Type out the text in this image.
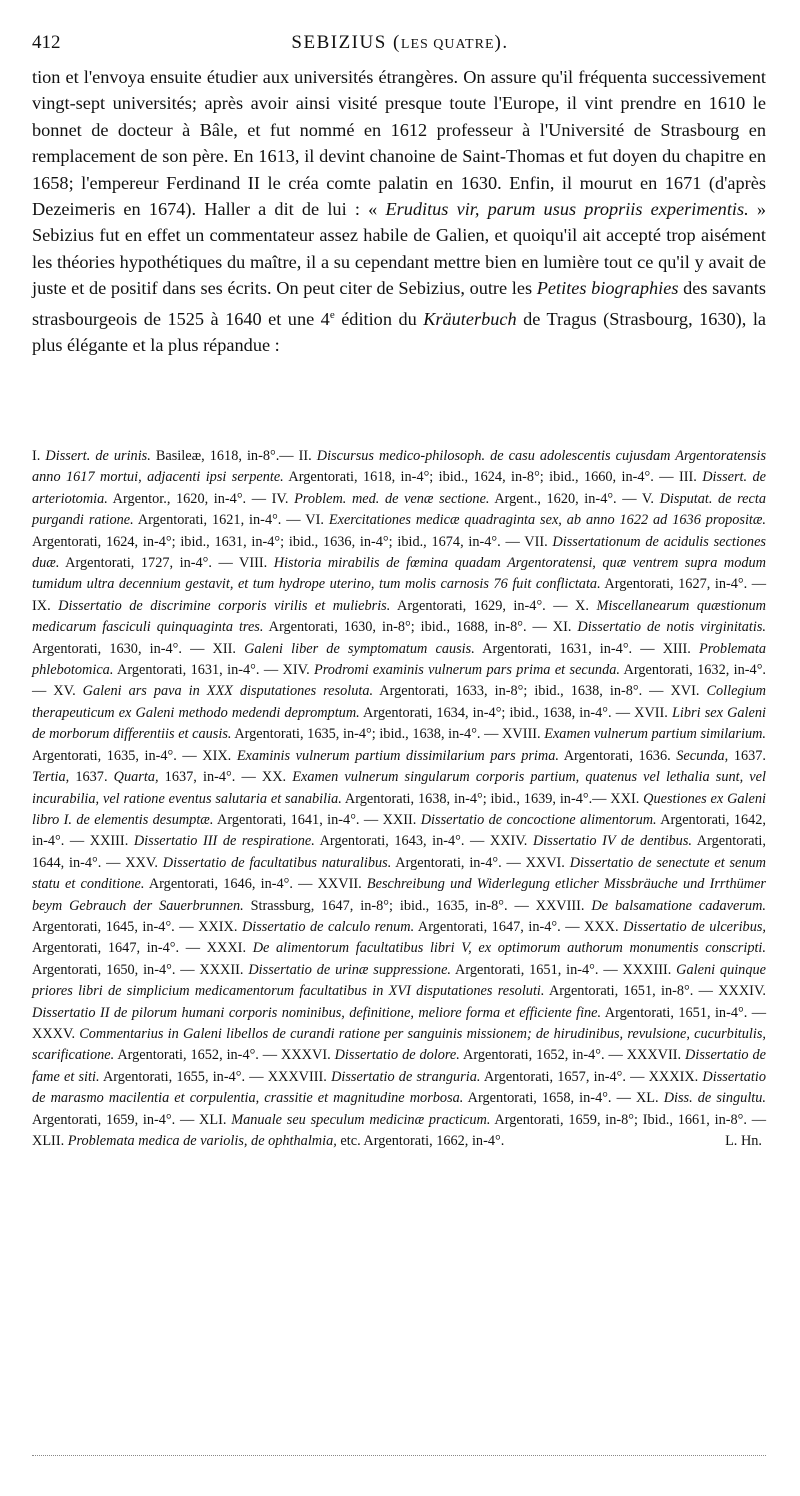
412	SEBIZIUS (LES QUATRE).

tion et l'envoya ensuite étudier aux universités étrangères. On assure qu'il fréquenta successivement vingt-sept universités; après avoir ainsi visité presque toute l'Europe, il vint prendre en 1610 le bonnet de docteur à Bâle, et fut nommé en 1612 professeur à l'Université de Strasbourg en remplacement de son père. En 1613, il devint chanoine de Saint-Thomas et fut doyen du chapitre en 1658; l'empereur Ferdinand II le créa comte palatin en 1630. Enfin, il mourut en 1671 (d'après Dezeimeris en 1674). Haller a dit de lui : « Eruditus vir, parum usus propriis experimentis. » Sebizius fut en effet un commentateur assez habile de Galien, et quoiqu'il ait accepté trop aisément les théories hypothétiques du maître, il a su cependant mettre bien en lumière tout ce qu'il y avait de juste et de positif dans ses écrits. On peut citer de Sebizius, outre les Petites biographies des savants strasbourgeois de 1525 à 1640 et une 4e édition du Kräuterbuch de Tragus (Strasbourg, 1630), la plus élégante et la plus répandue :

I. Dissert. de urinis. Basileæ, 1618, in-8°.— II. Discursus medico-philosoph. de casu adolescentis cujusdam Argentoratensis anno 1617 mortui, adjacenti ipsi serpente. Argentorati, 1618, in-4°; ibid., 1624, in-8°; ibid., 1660, in-4°. — III. Dissert. de arteriotomia. Argentor., 1620, in-4°. — IV. Problem. med. de venæ sectione. Argent., 1620, in-4°. — V. Disputat. de recta purgandi ratione. Argentorati, 1621, in-4°. — VI. Exercitationes medicæ quadraginta sex, ab anno 1622 ad 1636 propositæ. Argentorati, 1624, in-4°; ibid., 1631, in-4°; ibid., 1636, in-4°; ibid., 1674, in-4°. — VII. Dissertationum de acidulis sectiones duæ. Argentorati, 1727, in-4°. — VIII. Historia mirabilis de fœmina quadam Argentoratensi, quæ ventrem supra modum tumidum ultra decennium gestavit, et tum hydrope uterino, tum molis carnosis 76 fuit conflictata. Argentorati, 1627, in-4°. — IX. Dissertatio de discrimine corporis virilis et muliebris. Argentorati, 1629, in-4°. — X. Miscellanearum quæstionum medicarum fasciculi quinquaginta tres. Argentorati, 1630, in-8°; ibid., 1688, in-8°. — XI. Dissertatio de notis virginitatis. Argentorati, 1630, in-4°. — XII. Galeni liber de symptomatum causis. Argentorati, 1631, in-4°. — XIII. Problemata phlebotomica. Argentorati, 1631, in-4°. — XIV. Prodromi examinis vulnerum pars prima et secunda. Argentorati, 1632, in-4°. — XV. Galeni ars pava in XXX disputationes resoluta. Argentorati, 1633, in-8°; ibid., 1638, in-8°. — XVI. Collegium therapeuticum ex Galeni methodo medendi depromptum. Argentorati, 1634, in-4°; ibid., 1638, in-4°. — XVII. Libri sex Galeni de morborum differentiis et causis. Argentorati, 1635, in-4°; ibid., 1638, in-4°. — XVIII. Examen vulnerum partium similarium. Argentorati, 1635, in-4°. — XIX. Examinis vulnerum partium dissimilarium pars prima. Argentorati, 1636. Secunda, 1637. Tertia, 1637. Quarta, 1637, in-4°. — XX. Examen vulnerum singularum corporis partium, quatenus vel lethalia sunt, vel incurabilia, vel ratione eventus salutaria et sanabilia. Argentorati, 1638, in-4°; ibid., 1639, in-4°.— XXI. Questiones ex Galeni libro I. de elementis desumptæ. Argentorati, 1641, in-4°. — XXII. Dissertatio de concoctione alimentorum. Argentorati, 1642, in-4°. — XXIII. Dissertatio III de respiratione. Argentorati, 1643, in-4°. — XXIV. Dissertatio IV de dentibus. Argentorati, 1644, in-4°. — XXV. Dissertatio de facultatibus naturalibus. Argentorati, in-4°. — XXVI. Dissertatio de senectute et senum statu et conditione. Argentorati, 1646, in-4°. — XXVII. Beschreibung und Widerlegung etlicher Missbräuche und Irrthümer beym Gebrauch der Sauerbrunnen. Strassburg, 1647, in-8°; ibid., 1635, in-8°. — XXVIII. De balsamatione cadaverum. Argentorati, 1645, in-4°. — XXIX. Dissertatio de calculo renum. Argentorati, 1647, in-4°. — XXX. Dissertatio de ulceribus, Argentorati, 1647, in-4°. — XXXI. De alimentorum facultatibus libri V, ex optimorum authorum monumentis conscripti. Argentorati, 1650, in-4°. — XXXII. Dissertatio de urinæ suppressione. Argentorati, 1651, in-4°. — XXXIII. Galeni quinque priores libri de simplicium medicamentorum facultatibus in XVI disputationes resoluti. Argentorati, 1651, in-8°. — XXXIV. Dissertatio II de pilorum humani corporis nominibus, definitione, meliore forma et efficiente fine. Argentorati, 1651, in-4°. — XXXV. Commentarius in Galeni libellos de curandi ratione per sanguinis missionem; de hirudinibus, revulsione, cucurbitulis, scarificatione. Argentorati, 1652, in-4°. — XXXVI. Dissertatio de dolore. Argentorati, 1652, in-4°. — XXXVII. Dissertatio de fame et siti. Argentorati, 1655, in-4°. — XXXVIII. Dissertatio de stranguria. Argentorati, 1657, in-4°. — XXXIX. Dissertatio de marasmo macilentia et corpulentia, crassitie et magnitudine morbosa. Argentorati, 1658, in-4°. — XL. Diss. de singultu. Argentorati, 1659, in-4°. — XLI. Manuale seu speculum medicinæ practicum. Argentorati, 1659, in-8°; Ibid., 1661, in-8°. — XLII. Problemata medica de variolis, de ophthalmia, etc. Argentorati, 1662, in-4°.	L. Hn.
